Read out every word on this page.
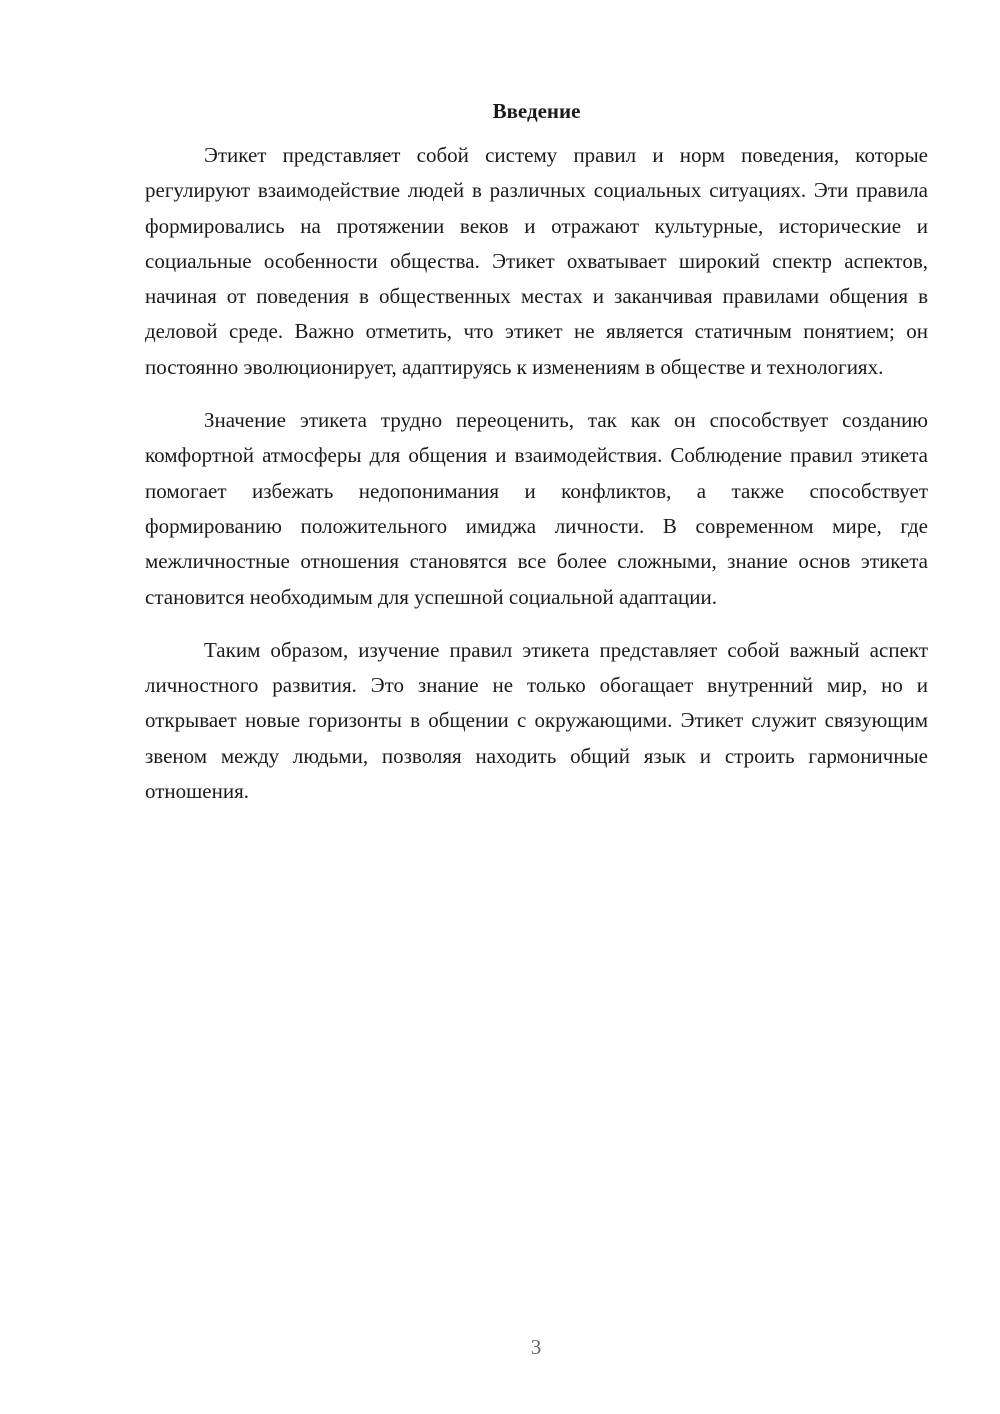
Введение

Этикет представляет собой систему правил и норм поведения, которые регулируют взаимодействие людей в различных социальных ситуациях. Эти правила формировались на протяжении веков и отражают культурные, исторические и социальные особенности общества. Этикет охватывает широкий спектр аспектов, начиная от поведения в общественных местах и заканчивая правилами общения в деловой среде. Важно отметить, что этикет не является статичным понятием; он постоянно эволюционирует, адаптируясь к изменениям в обществе и технологиях.

Значение этикета трудно переоценить, так как он способствует созданию комфортной атмосферы для общения и взаимодействия. Соблюдение правил этикета помогает избежать недопонимания и конфликтов, а также способствует формированию положительного имиджа личности. В современном мире, где межличностные отношения становятся все более сложными, знание основ этикета становится необходимым для успешной социальной адаптации.

Таким образом, изучение правил этикета представляет собой важный аспект личностного развития. Это знание не только обогащает внутренний мир, но и открывает новые горизонты в общении с окружающими. Этикет служит связующим звеном между людьми, позволяя находить общий язык и строить гармоничные отношения.

3
